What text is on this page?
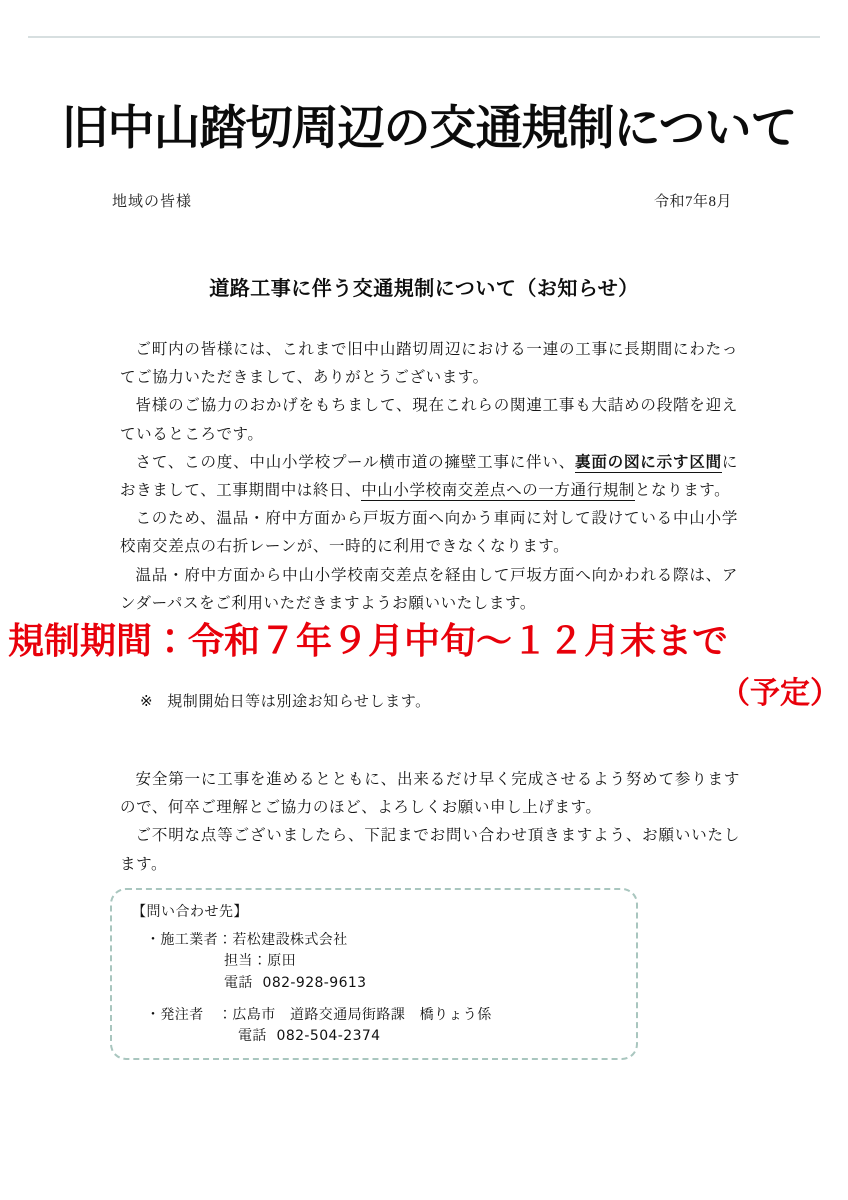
旧中山踏切周辺の交通規制について
地域の皆様	令和7年8月
道路工事に伴う交通規制について（お知らせ）

ご町内の皆様には、これまで旧中山踏切周辺における一連の工事に長期間にわたってご協力いただきまして、ありがとうございます。

皆様のご協力のおかげをもちまして、現在これらの関連工事も大詰めの段階を迎えているところです。

さて、この度、中山小学校プール横市道の擁壁工事に伴い、裏面の図に示す区間におきまして、工事期間中は終日、中山小学校南交差点への一方通行規制となります。

このため、温品・府中方面から戸坂方面へ向かう車両に対して設けている中山小学校南交差点の右折レーンが、一時的に利用できなくなります。

温品・府中方面から中山小学校南交差点を経由して戸坂方面へ向かわれる際は、アンダーパスをご利用いただきますようお願いいたします。

規制期間：令和７年９月中旬～１２月末まで
（予定）
※ 規制開始日等は別途お知らせします。

安全第一に工事を進めるとともに、出来るだけ早く完成させるよう努めて参りますので、何卒ご理解とご協力のほど、よろしくお願い申し上げます。

ご不明な点等ございましたら、下記までお問い合わせ頂きますよう、お願いいたします。

【問い合わせ先】
・施工業者：若松建設株式会社
担当：原田
電話 082-928-9613
・発注者　：広島市　道路交通局街路課　橋りょう係
電話 082-504-2374
